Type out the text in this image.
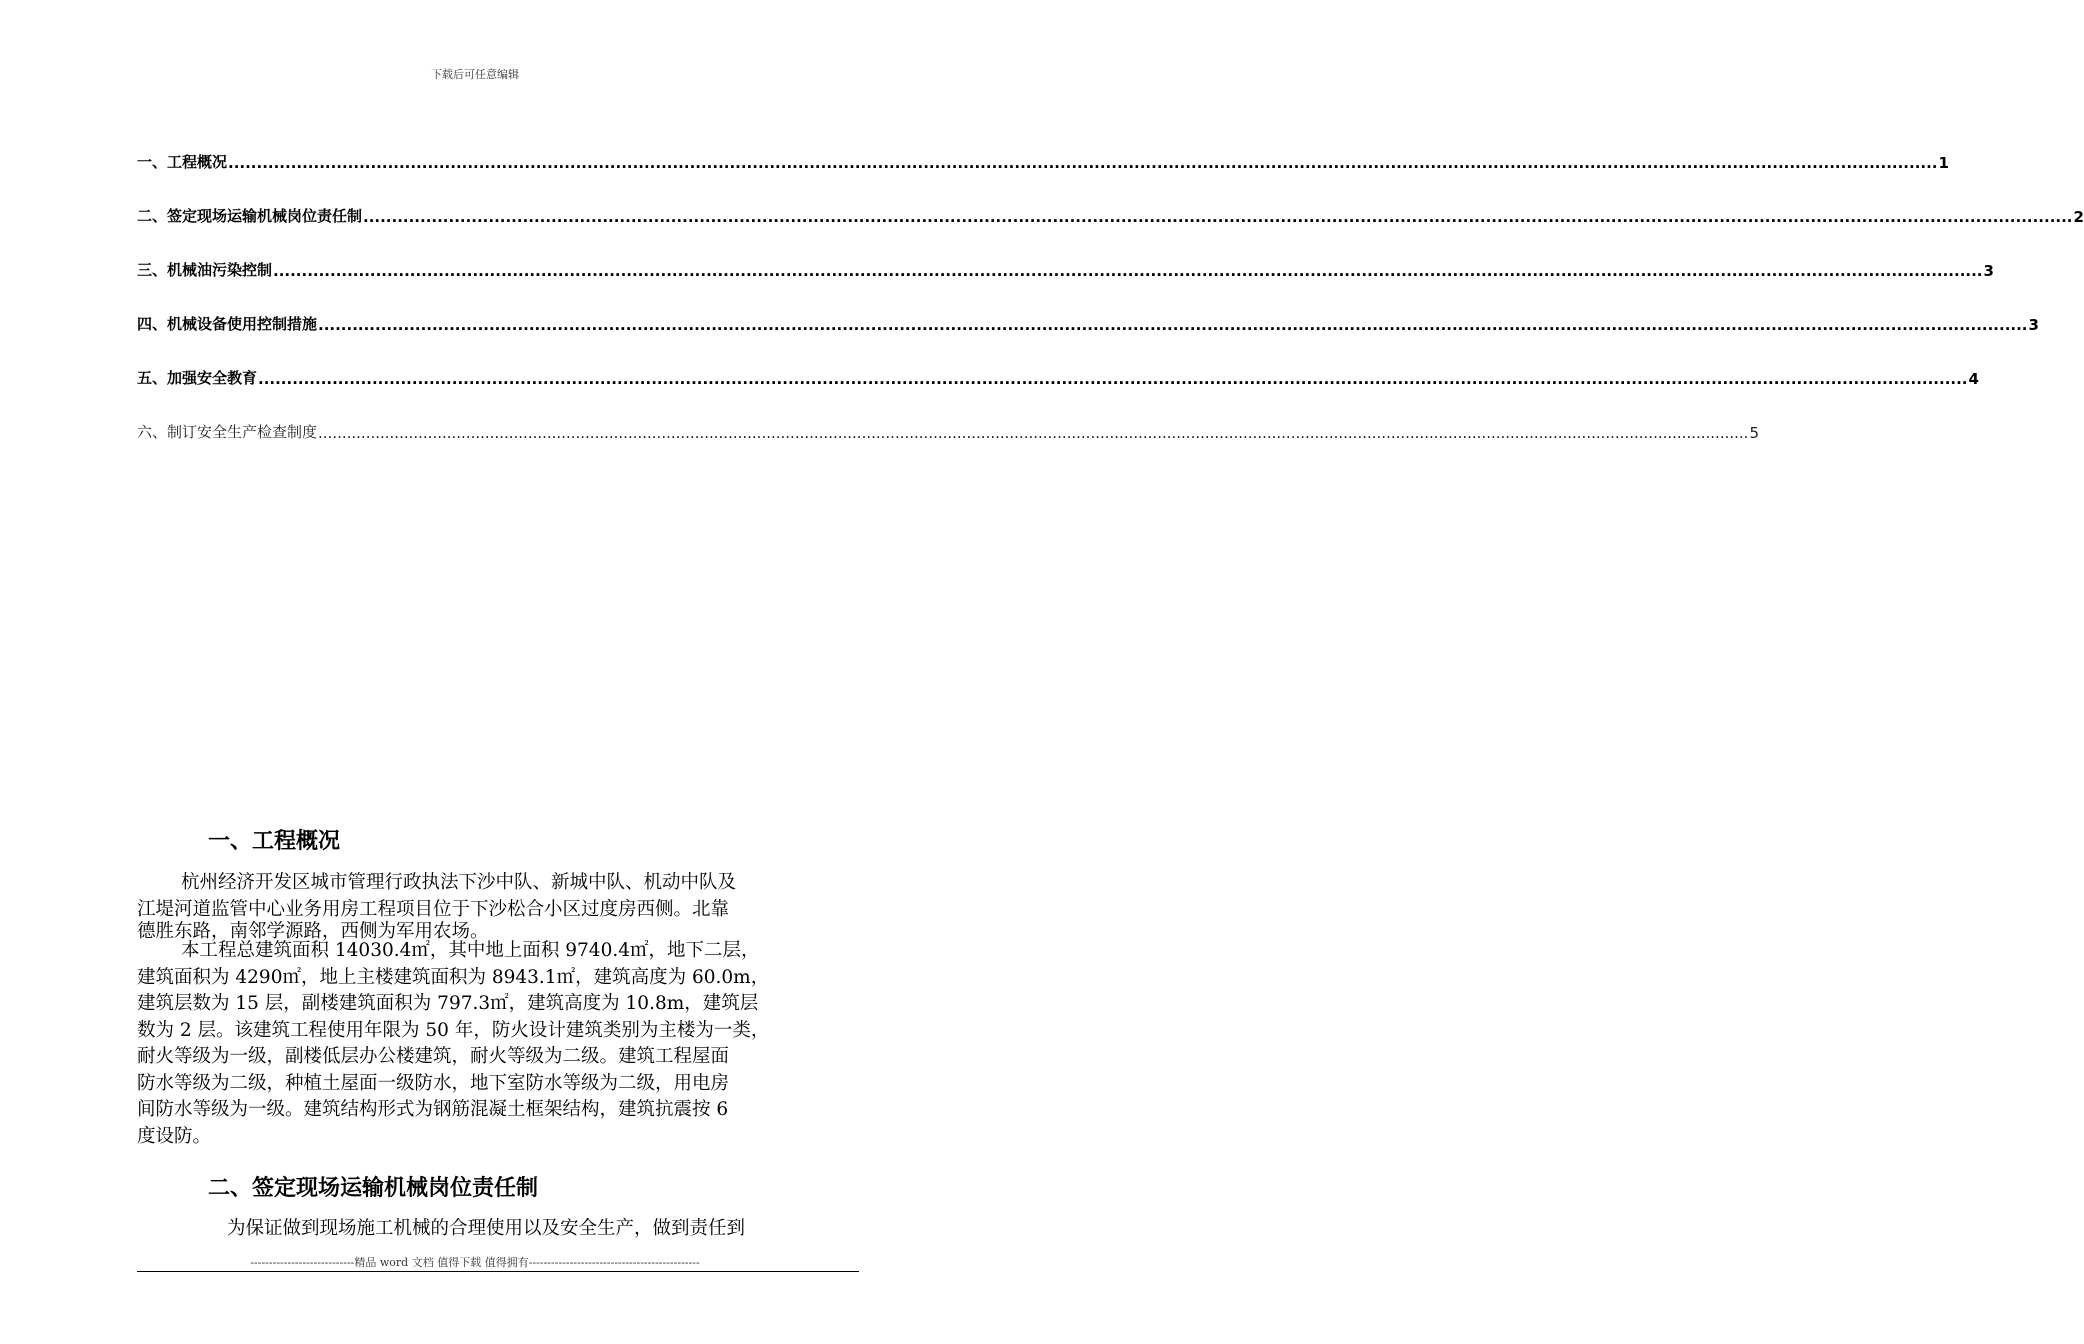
下载后可任意编辑
一、工程概况 ............................................................................................................................................................................................................................................................................................................ 1
二、签定现场运输机械岗位责任制 ............................................................................................................................................................................................................................................................................................................ 2
三、机械油污染控制 ............................................................................................................................................................................................................................................................................................................ 3
四、机械设备使用控制措施 ............................................................................................................................................................................................................................................................................................................ 3
五、加强安全教育 ............................................................................................................................................................................................................................................................................................................ 4
六、制订安全生产检查制度 ............................................................................................................................................................................................................................................................................................................ 5
一、工程概况
杭州经济开发区城市管理行政执法下沙中队、新城中队、机动中队及
江堤河道监管中心业务用房工程项目位于下沙松合小区过度房西侧。北靠
德胜东路，南邻学源路，西侧为军用农场。
本工程总建筑面积 14030.4㎡，其中地上面积 9740.4㎡，地下二层，
建筑面积为 4290㎡，地上主楼建筑面积为 8943.1㎡，建筑高度为 60.0m，
建筑层数为 15 层，副楼建筑面积为 797.3㎡，建筑高度为 10.8m，建筑层
数为 2 层。该建筑工程使用年限为 50 年，防火设计建筑类别为主楼为一类，
耐火等级为一级，副楼低层办公楼建筑，耐火等级为二级。建筑工程屋面
防水等级为二级，种植土屋面一级防水，地下室防水等级为二级，用电房
间防水等级为一级。建筑结构形式为钢筋混凝土框架结构，建筑抗震按 6
度设防。
二、签定现场运输机械岗位责任制
为保证做到现场施工机械的合理使用以及安全生产，做到责任到
----------------------------精品 word 文档 值得下载 值得拥有----------------------------------------------
